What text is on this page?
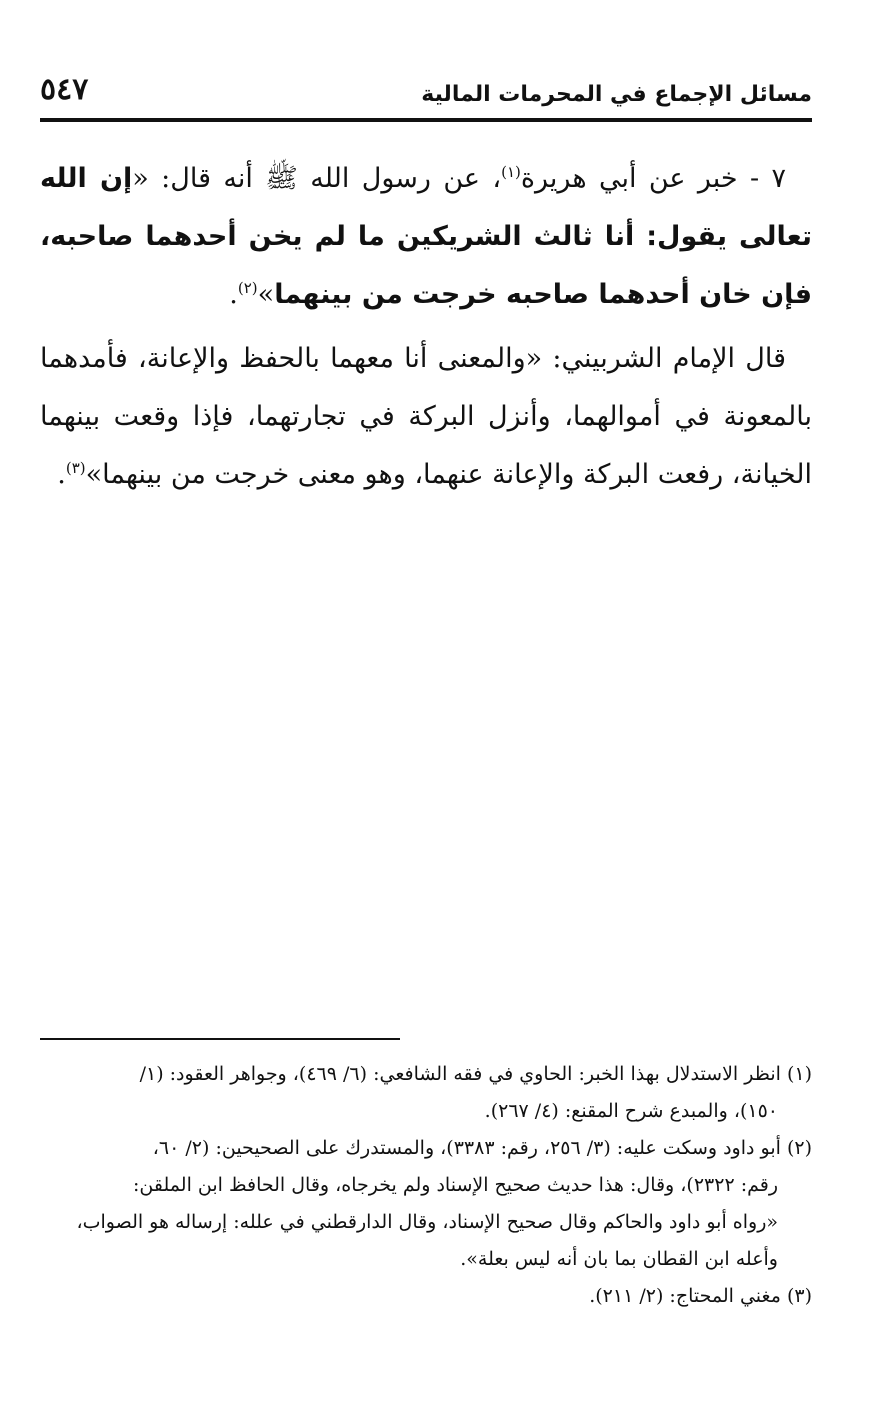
مسائل الإجماع في المحرمات المالية
٥٤٧

٧ - خبر عن أبي هريرة$^{(١)}$، عن رسول الله ﷺ أنه قال: «إن الله تعالى يقول: أنا ثالث الشريكين ما لم يخن أحدهما صاحبه، فإن خان أحدهما صاحبه خرجت من بينهما»$^{(٢)}$.

قال الإمام الشربيني: «والمعنى أنا معهما بالحفظ والإعانة، فأمدهما بالمعونة في أموالهما، وأنزل البركة في تجارتهما، فإذا وقعت بينهما الخيانة، رفعت البركة والإعانة عنهما، وهو معنى خرجت من بينهما»$^{(٣)}$.

(١) انظر الاستدلال بهذا الخبر: الحاوي في فقه الشافعي: (٦/ ٤٦٩)، وجواهر العقود: (١/

١٥٠)، والمبدع شرح المقنع: (٤/ ٢٦٧).

(٢) أبو داود وسكت عليه: (٣/ ٢٥٦، رقم: ٣٣٨٣)، والمستدرك على الصحيحين: (٢/ ٦٠،

رقم: ٢٣٢٢)، وقال: هذا حديث صحيح الإسناد ولم يخرجاه، وقال الحافظ ابن الملقن:

«رواه أبو داود والحاكم وقال صحيح الإسناد، وقال الدارقطني في علله: إرساله هو الصواب،

وأعله ابن القطان بما بان أنه ليس بعلة».

(٣) مغني المحتاج: (٢/ ٢١١).
